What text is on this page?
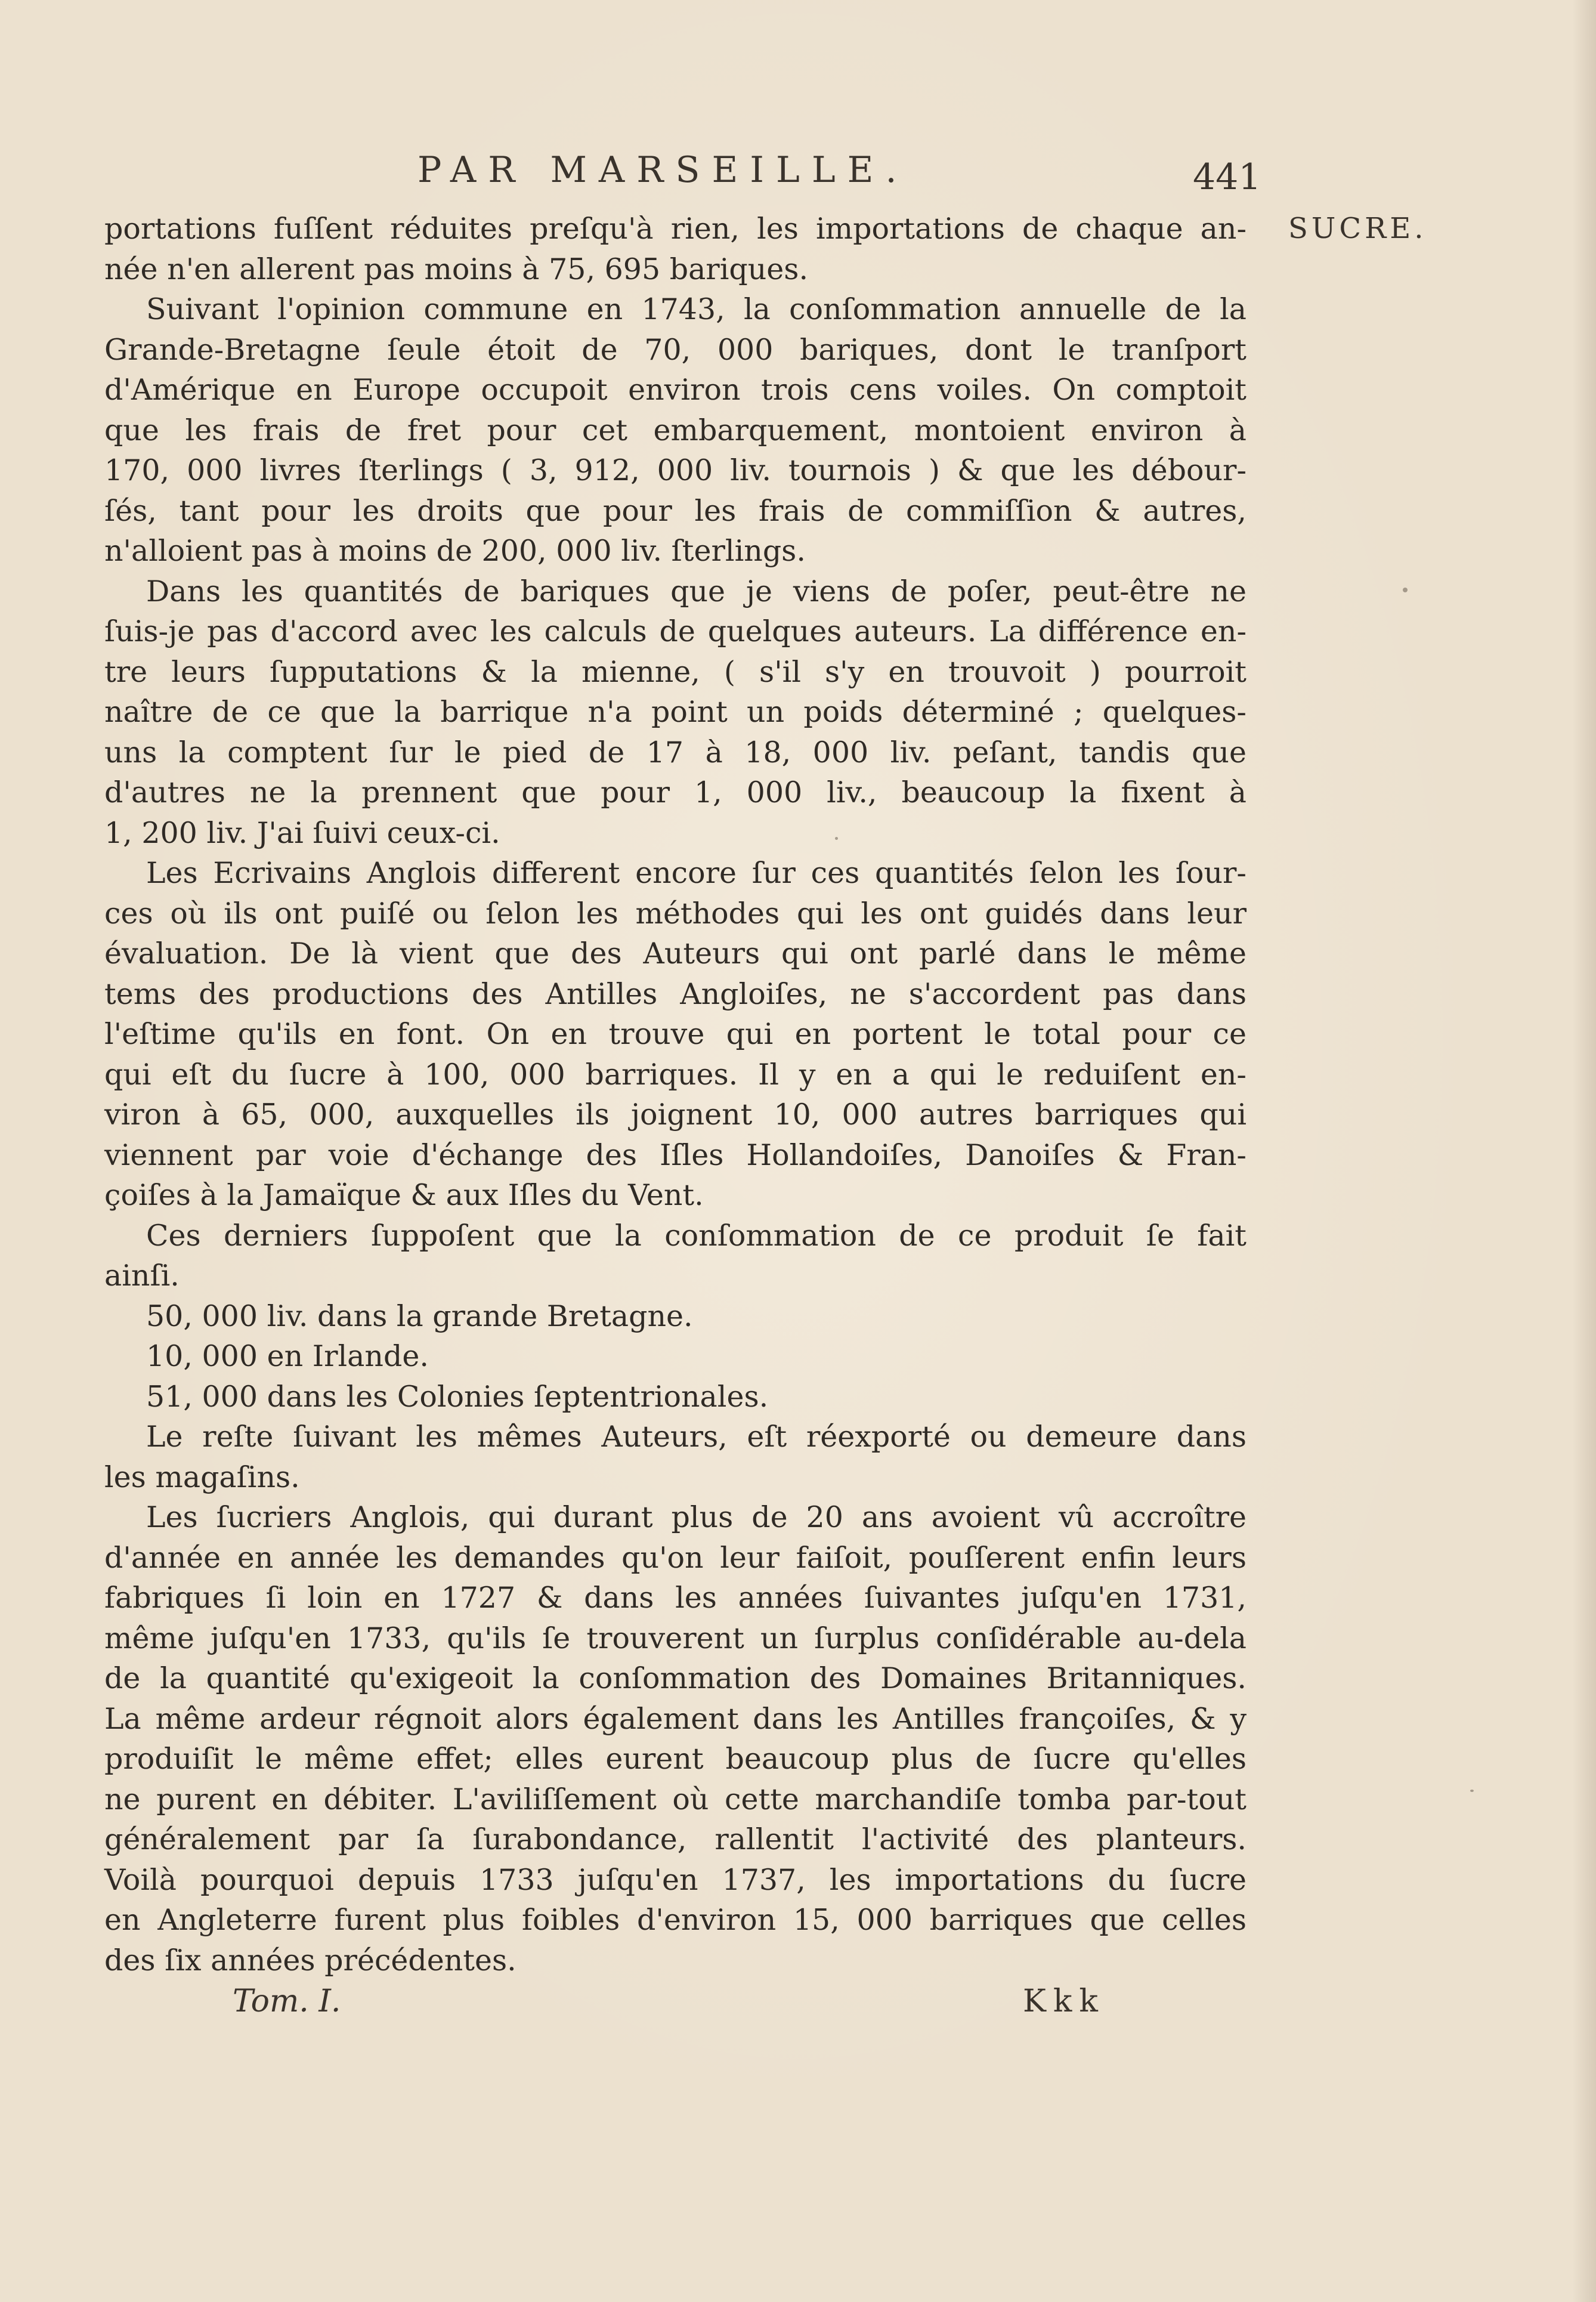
PAR MARSEILLE.	441
SUCRE.
portations fuſſent réduites preſqu'à rien, les importations de chaque an-
née n'en allerent pas moins à 75, 695 bariques.
Suivant l'opinion commune en 1743, la conſommation annuelle de la
Grande-Bretagne ſeule étoit de 70, 000 bariques, dont le tranſport
d'Amérique en Europe occupoit environ trois cens voiles. On comptoit
que les frais de fret pour cet embarquement, montoient environ à
170, 000 livres ſterlings ( 3, 912, 000 liv. tournois ) & que les débour-
ſés, tant pour les droits que pour les frais de commiſſion & autres,
n'alloient pas à moins de 200, 000 liv. ſterlings.
Dans les quantités de bariques que je viens de poſer, peut-être ne
ſuis-je pas d'accord avec les calculs de quelques auteurs. La différence en-
tre leurs ſupputations & la mienne, ( s'il s'y en trouvoit ) pourroit
naître de ce que la barrique n'a point un poids déterminé ; quelques-
uns la comptent ſur le pied de 17 à 18, 000 liv. peſant, tandis que
d'autres ne la prennent que pour 1, 000 liv., beaucoup la fixent à
1, 200 liv. J'ai ſuivi ceux-ci.
Les Ecrivains Anglois different encore ſur ces quantités ſelon les ſour-
ces où ils ont puiſé ou ſelon les méthodes qui les ont guidés dans leur
évaluation. De là vient que des Auteurs qui ont parlé dans le même
tems des productions des Antilles Angloiſes, ne s'accordent pas dans
l'eſtime qu'ils en font. On en trouve qui en portent le total pour ce
qui eſt du ſucre à 100, 000 barriques. Il y en a qui le reduiſent en-
viron à 65, 000, auxquelles ils joignent 10, 000 autres barriques qui
viennent par voie d'échange des Iſles Hollandoiſes, Danoiſes & Fran-
çoiſes à la Jamaïque & aux Iſles du Vent.
Ces derniers ſuppoſent que la conſommation de ce produit ſe fait
ainſi.
50, 000 liv. dans la grande Bretagne.
10, 000 en Irlande.
51, 000 dans les Colonies ſeptentrionales.
Le reſte ſuivant les mêmes Auteurs, eſt réexporté ou demeure dans
les magaſins.
Les ſucriers Anglois, qui durant plus de 20 ans avoient vû accroître
d'année en année les demandes qu'on leur faiſoit, pouſſerent enfin leurs
fabriques ſi loin en 1727 & dans les années ſuivantes juſqu'en 1731,
même juſqu'en 1733, qu'ils ſe trouverent un ſurplus conſidérable au-dela
de la quantité qu'exigeoit la conſommation des Domaines Britanniques.
La même ardeur régnoit alors également dans les Antilles françoiſes, & y
produiſit le même effet; elles eurent beaucoup plus de ſucre qu'elles
ne purent en débiter. L'aviliſſement où cette marchandiſe tomba par-tout
généralement par ſa ſurabondance, rallentit l'activité des planteurs.
Voilà pourquoi depuis 1733 juſqu'en 1737, les importations du ſucre
en Angleterre furent plus foibles d'environ 15, 000 barriques que celles
des ſix années précédentes.
Tom. I.	Kkk
